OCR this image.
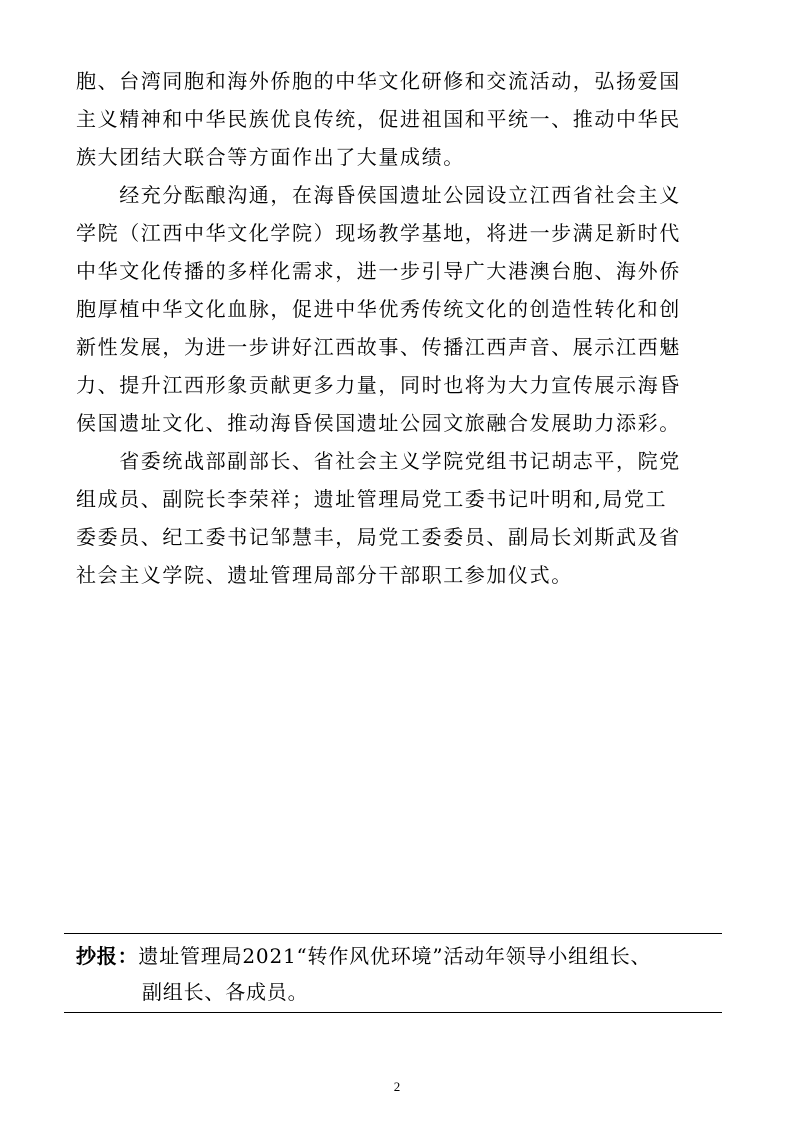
胞、台湾同胞和海外侨胞的中华文化研修和交流活动，弘扬爱国
主义精神和中华民族优良传统，促进祖国和平统一、推动中华民
族大团结大联合等方面作出了大量成绩。
　　经充分酝酿沟通，在海昏侯国遗址公园设立江西省社会主义
学院（江西中华文化学院）现场教学基地，将进一步满足新时代
中华文化传播的多样化需求，进一步引导广大港澳台胞、海外侨
胞厚植中华文化血脉，促进中华优秀传统文化的创造性转化和创
新性发展，为进一步讲好江西故事、传播江西声音、展示江西魅
力、提升江西形象贡献更多力量，同时也将为大力宣传展示海昏
侯国遗址文化、推动海昏侯国遗址公园文旅融合发展助力添彩。
　　省委统战部副部长、省社会主义学院党组书记胡志平，院党
组成员、副院长李荣祥；遗址管理局党工委书记叶明和,局党工
委委员、纪工委书记邹慧丰，局党工委委员、副局长刘斯武及省
社会主义学院、遗址管理局部分干部职工参加仪式。
抄报：遗址管理局2021“转作风优环境”活动年领导小组组长、
副组长、各成员。
2
